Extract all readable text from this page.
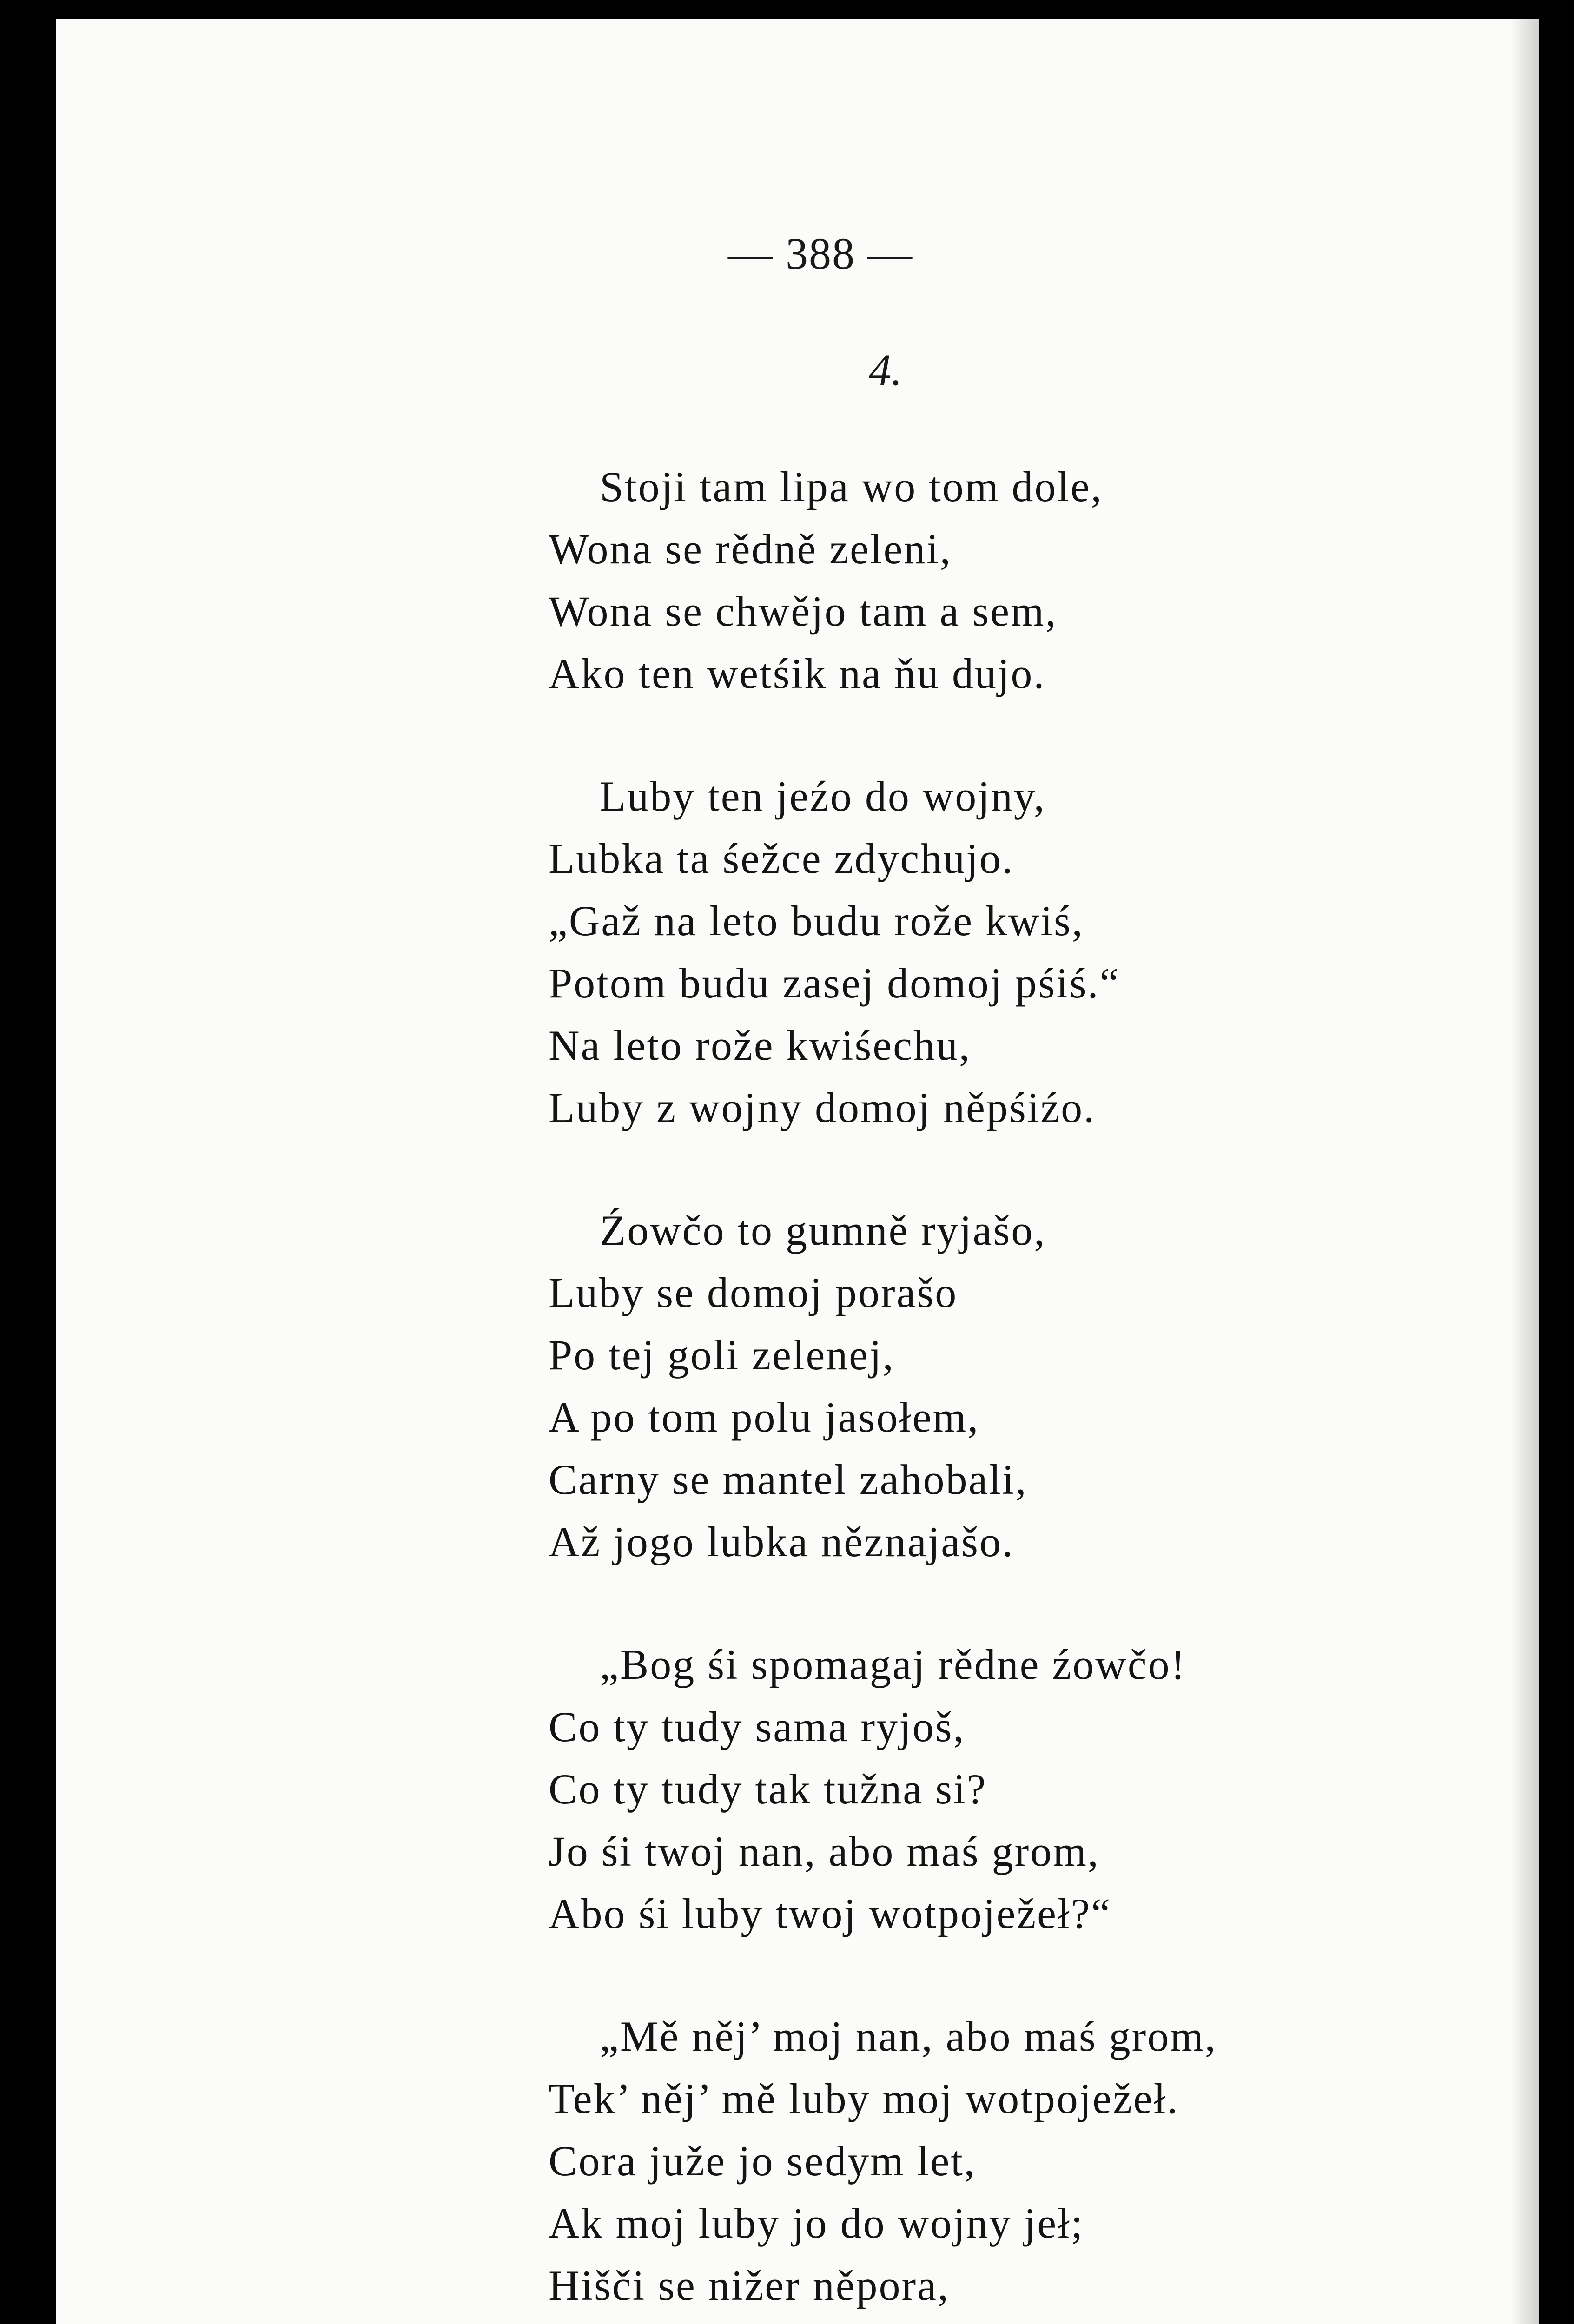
— 388 —
4.
Stoji tam lipa wo tom dole,
Wona se rědně zeleni,
Wona se chwějo tam a sem,
Ako ten wetśik na ňu dujo.
Luby ten jeźo do wojny,
Lubka ta śežce zdychujo.
„Gaž na leto budu rože kwiś,
Potom budu zasej domoj pśiś.“
Na leto rože kwiśechu,
Luby z wojny domoj něpśiźo.
Źowčo to gumně ryjašo,
Luby se domoj porašo
Po tej goli zelenej,
A po tom polu jasołem,
Carny se mantel zahobali,
Až jogo lubka něznajašo.
„Bog śi spomagaj rědne źowčo!
Co ty tudy sama ryjoš,
Co ty tudy tak tužna si?
Jo śi twoj nan, abo maś grom,
Abo śi luby twoj wotpoježeł?“
„Mě něj’ moj nan, abo maś grom,
Tek’ něj’ mě luby moj wotpoježeł.
Cora juže jo sedym let,
Ak moj luby jo do wojny jeł;
Hišči se nižer něpora,
